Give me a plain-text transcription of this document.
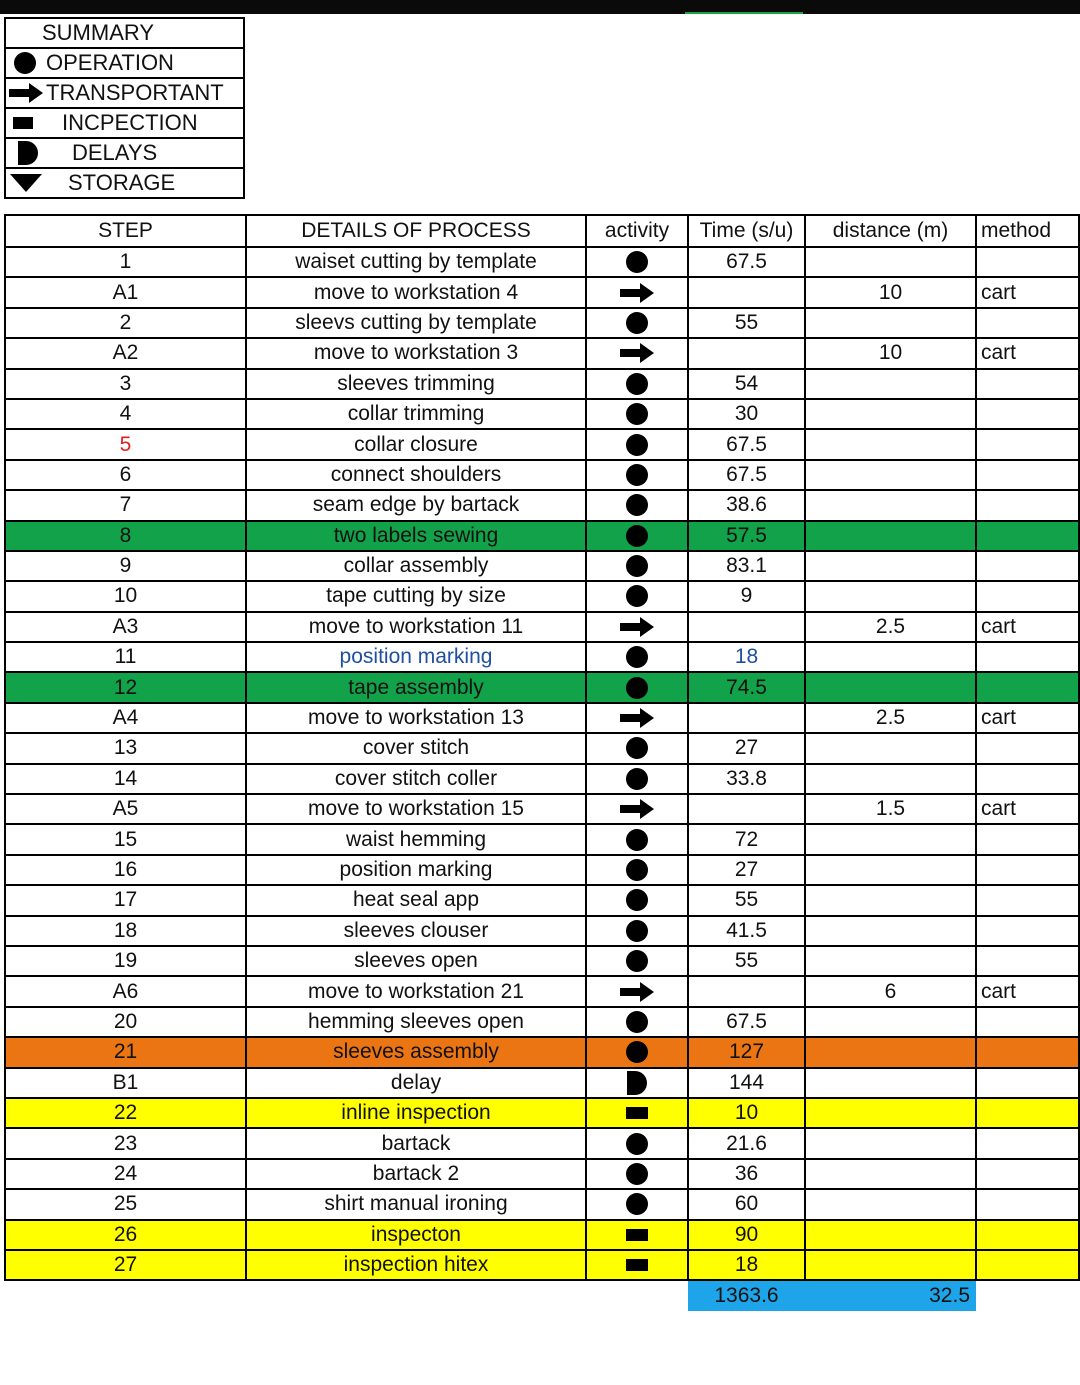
SUMMARY

OPERATION

TRANSPORTANT

INCPECTION

DELAYS

STORAGE
STEP	DETAILS OF PROCESS	activity	Time (s/u)	distance (m)	method
1	waiset cutting by template		67.5		
A1	move to workstation 4			10	cart
2	sleevs cutting by template		55		
A2	move to workstation 3			10	cart
3	sleeves trimming		54		
4	collar trimming		30		
5	collar closure		67.5		
6	connect shoulders		67.5		
7	seam edge by bartack		38.6		
8	two labels sewing		57.5		
9	collar assembly		83.1		
10	tape cutting by size		9		
A3	move to workstation 11			2.5	cart
11	position marking		18		
12	tape assembly		74.5		
A4	move to workstation 13			2.5	cart
13	cover stitch		27		
14	cover stitch coller		33.8		
A5	move to workstation 15			1.5	cart
15	waist hemming		72		
16	position marking		27		
17	heat seal app		55		
18	sleeves clouser		41.5		
19	sleeves open		55		
A6	move to workstation 21			6	cart
20	hemming sleeves open		67.5		
21	sleeves assembly		127		
B1	delay		144		
22	inline inspection		10		
23	bartack		21.6		
24	bartack 2		36		
25	shirt manual ironing		60		
26	inspecton		90		
27	inspection hitex		18		
			1363.6	32.5	
